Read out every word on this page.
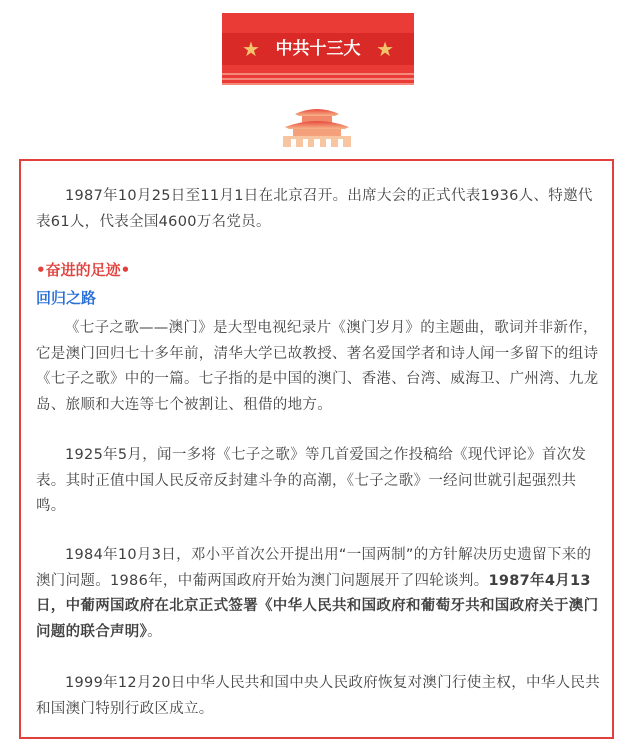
★ 中共十三大 ★

1987年10月25日至11月1日在北京召开。出席大会的正式代表1936人、特邀代表61人，代表全国4600万名党员。

•奋进的足迹•

回归之路

《七子之歌——澳门》是大型电视纪录片《澳门岁月》的主题曲，歌词并非新作，它是澳门回归七十多年前，清华大学已故教授、著名爱国学者和诗人闻一多留下的组诗《七子之歌》中的一篇。七子指的是中国的澳门、香港、台湾、威海卫、广州湾、九龙岛、旅顺和大连等七个被割让、租借的地方。

1925年5月，闻一多将《七子之歌》等几首爱国之作投稿给《现代评论》首次发表。其时正值中国人民反帝反封建斗争的高潮，《七子之歌》一经问世就引起强烈共鸣。

1984年10月3日，邓小平首次公开提出用“一国两制”的方针解决历史遗留下来的澳门问题。1986年，中葡两国政府开始为澳门问题展开了四轮谈判。1987年4月13日，中葡两国政府在北京正式签署《中华人民共和国政府和葡萄牙共和国政府关于澳门问题的联合声明》。

1999年12月20日中华人民共和国中央人民政府恢复对澳门行使主权，中华人民共和国澳门特别行政区成立。
